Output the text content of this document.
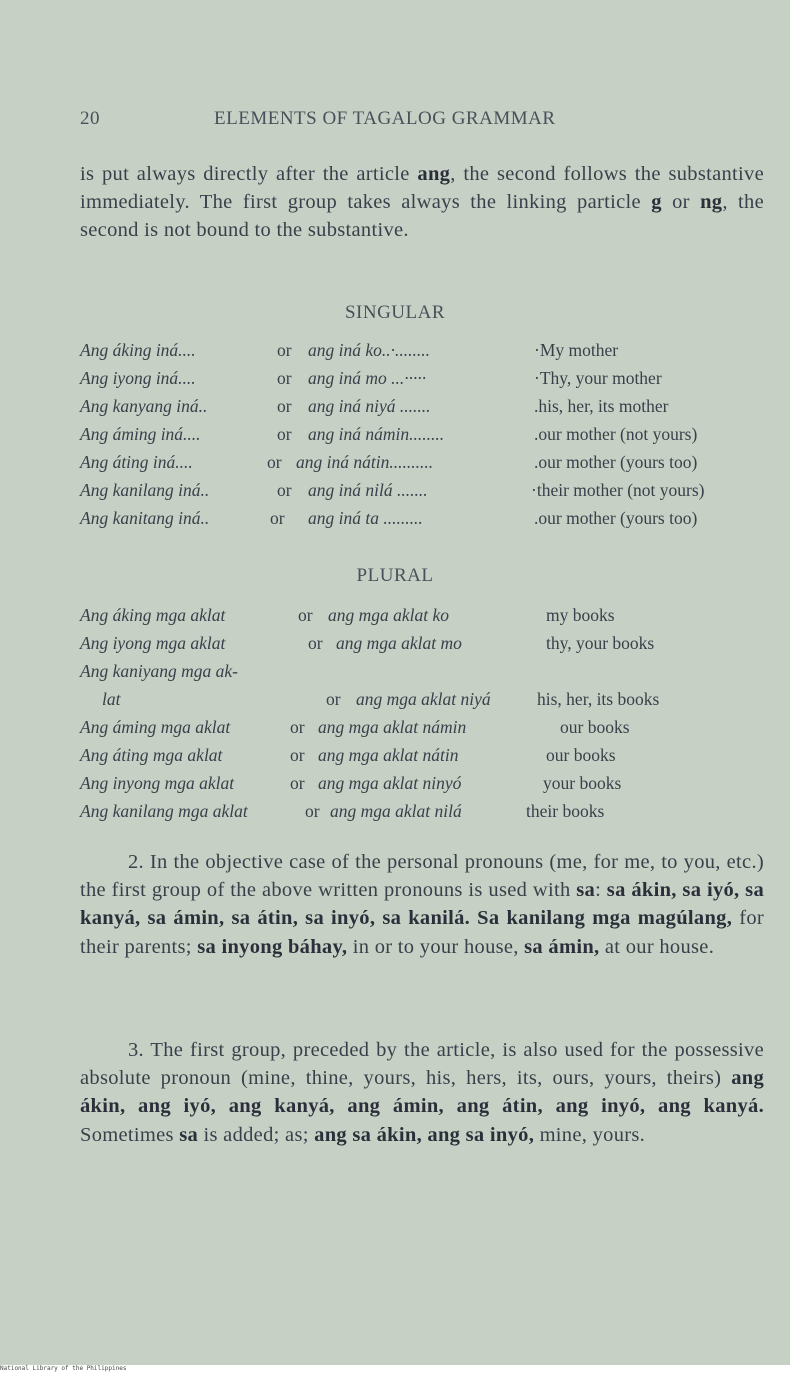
20	ELEMENTS OF TAGALOG GRAMMAR
is put always directly after the article ang, the second follows the substantive immediately. The first group takes always the linking particle g or ng, the second is not bound to the substantive.
SINGULAR
Ang áking iná....	or ang iná ko..·........	·My mother
Ang iyong iná....	or ang iná mo ...·····	·Thy, your mother
Ang kanyang iná..	or ang iná niyá .......	.his, her, its mother
Ang áming iná....	or ang iná námin........	.our mother (not yours)
Ang áting iná....	or ang iná nátin..........	.our mother (yours too)
Ang kanilang iná..	or ang iná nilá .......	·their mother (not yours)
Ang kanitang iná..	or ang iná ta .........	.our mother (yours too)
PLURAL
Ang áking mga aklat	or ang mga aklat ko	my books
Ang iyong mga aklat	or ang mga aklat mo	thy, your books
Ang kaniyang mga ak-
lat	or ang mga aklat niyá	his, her, its books
Ang áming mga aklat	or ang mga aklat námin	our books
Ang áting mga aklat	or ang mga aklat nátin	our books
Ang inyong mga aklat	or ang mga aklat ninyó	your books
Ang kanilang mga aklat	or ang mga aklat nilá	their books
2. In the objective case of the personal pronouns (me, for me, to you, etc.) the first group of the above written pronouns is used with sa: sa ákin, sa iyó, sa kanyá, sa ámin, sa átin, sa inyó, sa kanilá. Sa kanilang mga magúlang, for their parents; sa inyong báhay, in or to your house, sa ámin, at our house.
3. The first group, preceded by the article, is also used for the possessive absolute pronoun (mine, thine, yours, his, hers, its, ours, yours, theirs) ang ákin, ang iyó, ang kanyá, ang ámin, ang átin, ang inyó, ang kanyá. Sometimes sa is added; as; ang sa ákin, ang sa inyó, mine, yours.
National Library of the Philippines
